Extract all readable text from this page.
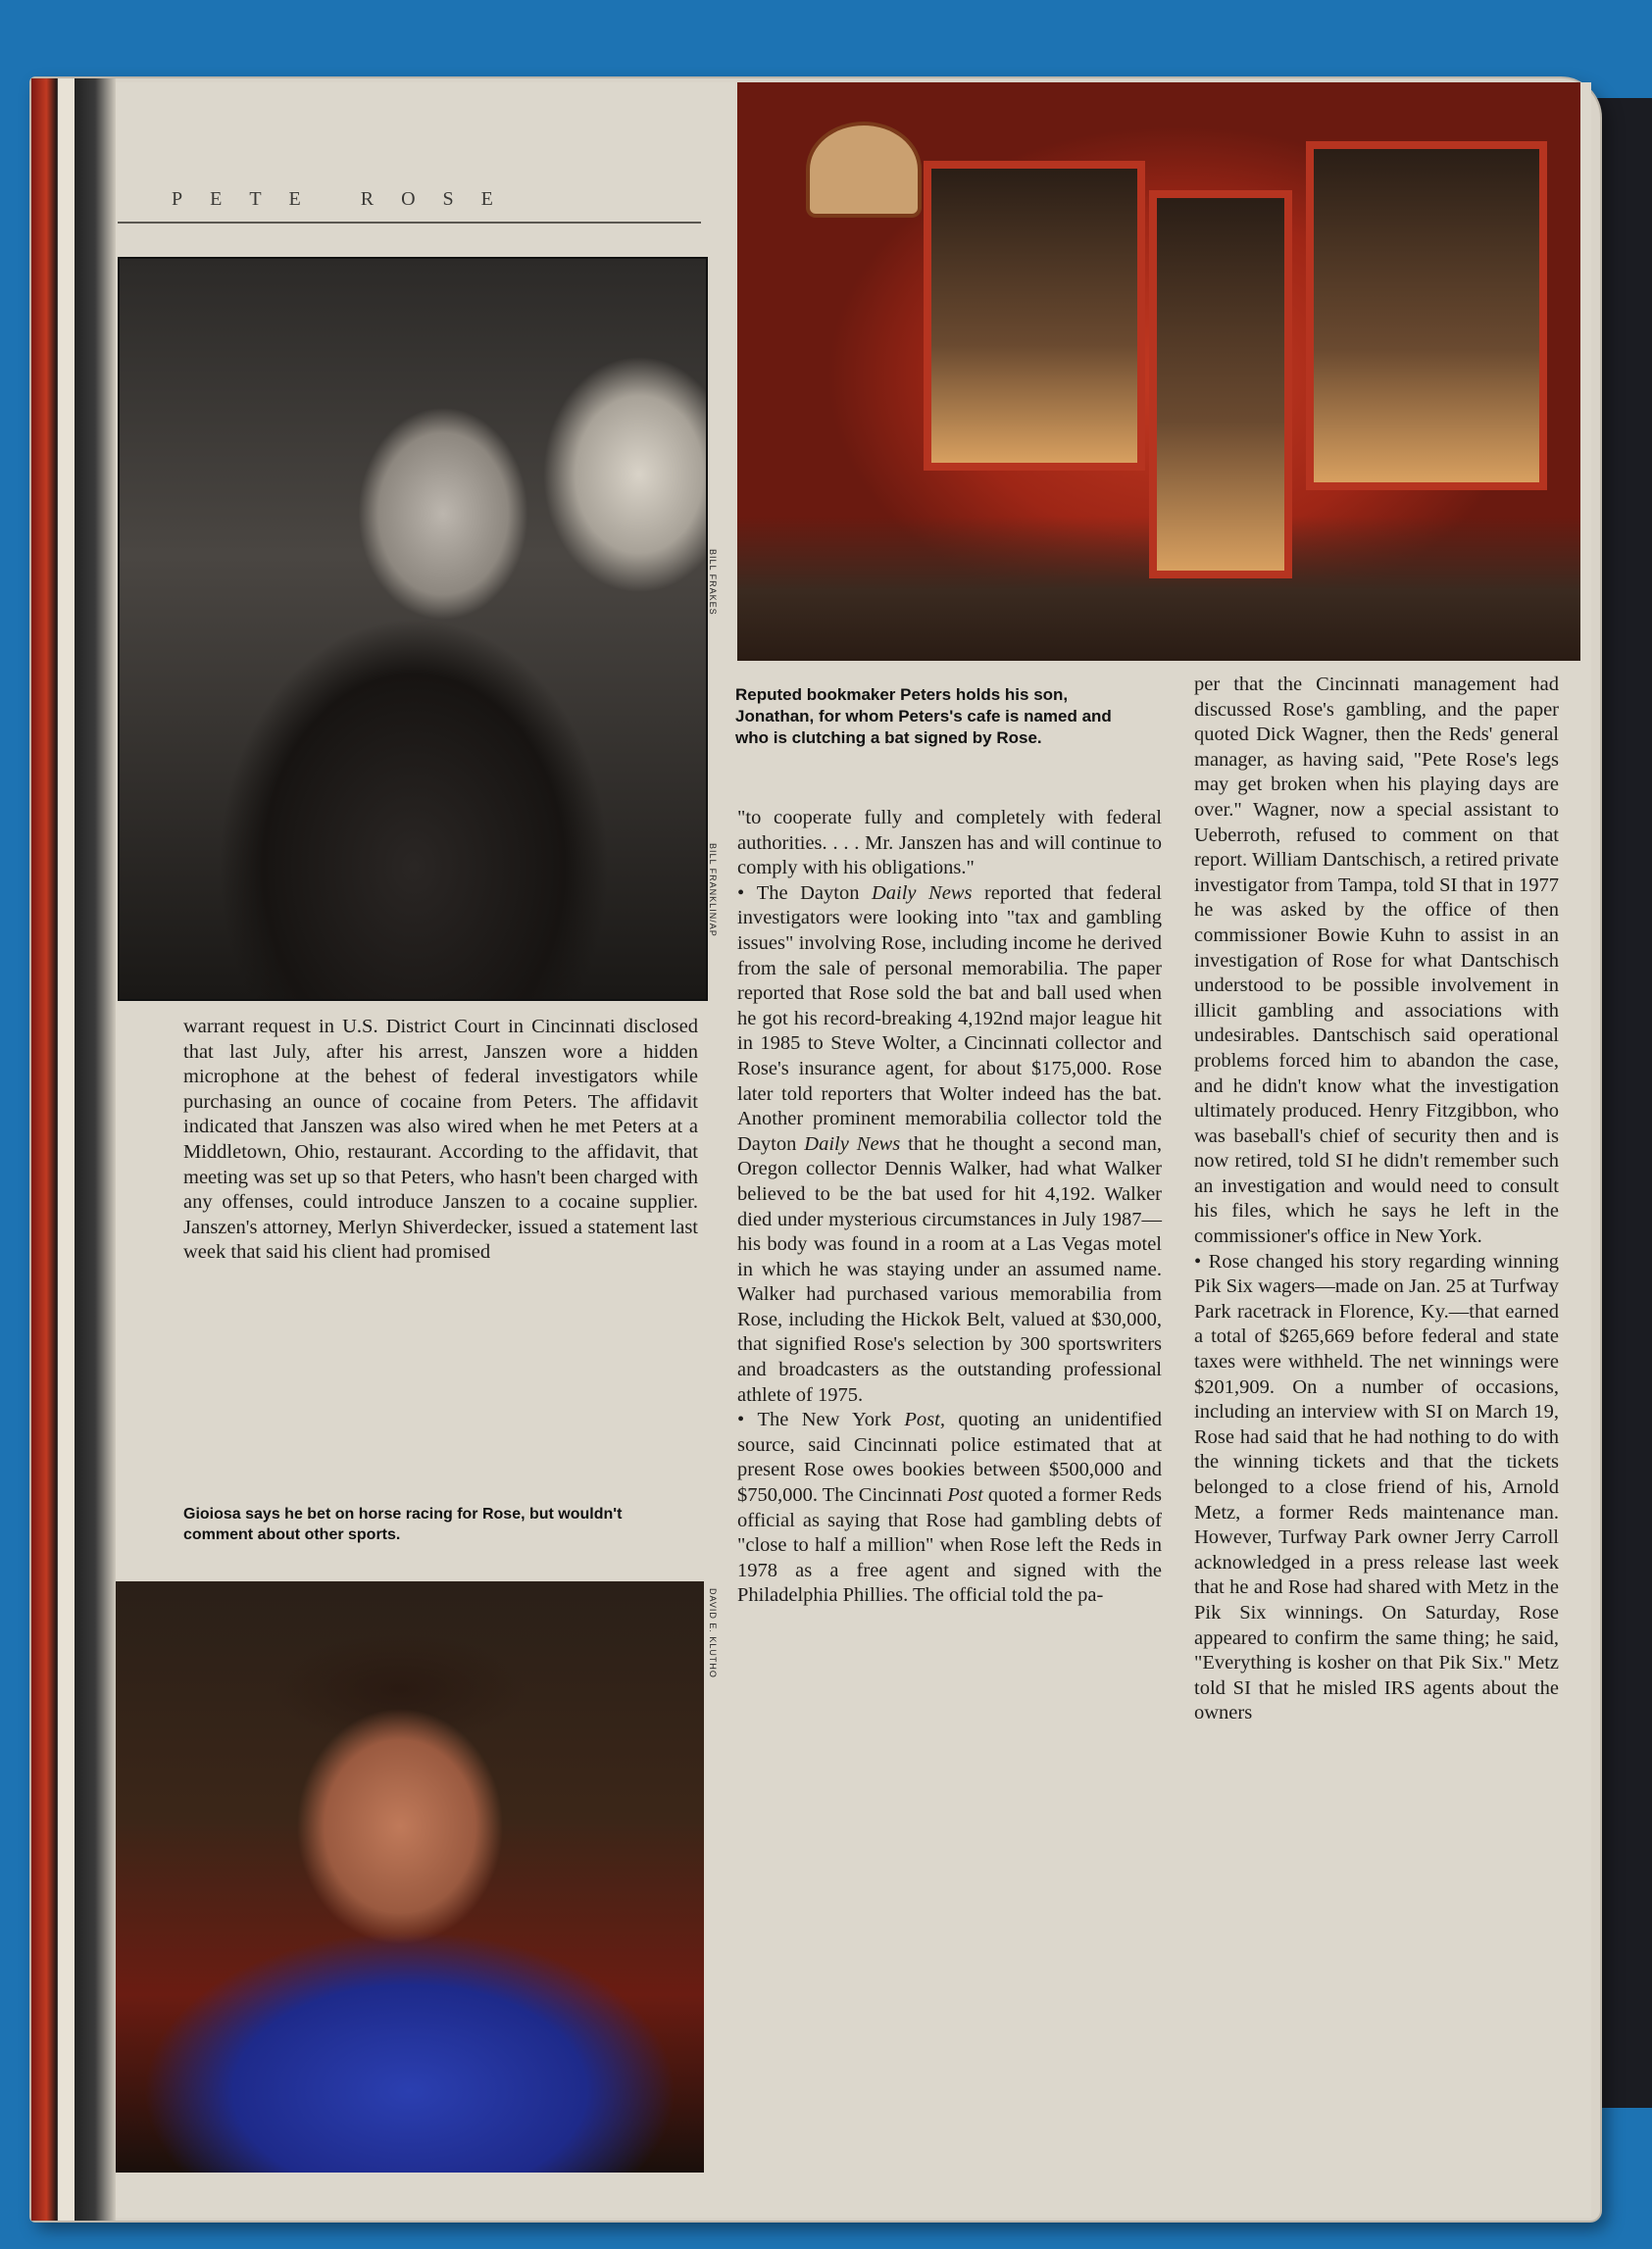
PETE ROSE
BILL FRAKES
BILL FRANKLIN/AP
Reputed bookmaker Peters holds his son, Jonathan, for whom Peters's cafe is named and who is clutching a bat signed by Rose.

warrant request in U.S. District Court in Cincinnati disclosed that last July, after his arrest, Janszen wore a hidden microphone at the behest of federal investigators while purchasing an ounce of cocaine from Peters. The affidavit indicated that Janszen was also wired when he met Peters at a Middletown, Ohio, restaurant. According to the affidavit, that meeting was set up so that Peters, who hasn't been charged with any offenses, could introduce Janszen to a cocaine supplier. Janszen's attorney, Merlyn Shiverdecker, issued a statement last week that said his client had promised

Gioiosa says he bet on horse racing for Rose, but wouldn't comment about other sports.
DAVID E. KLUTHO

"to cooperate fully and completely with federal authorities. . . . Mr. Janszen has and will continue to comply with his obligations."

• The Dayton Daily News reported that federal investigators were looking into "tax and gambling issues" involving Rose, including income he derived from the sale of personal memorabilia. The paper reported that Rose sold the bat and ball used when he got his record-breaking 4,192nd major league hit in 1985 to Steve Wolter, a Cincinnati collector and Rose's insurance agent, for about $175,000. Rose later told reporters that Wolter indeed has the bat. Another prominent memorabilia collector told the Dayton Daily News that he thought a second man, Oregon collector Dennis Walker, had what Walker believed to be the bat used for hit 4,192. Walker died under mysterious circumstances in July 1987—his body was found in a room at a Las Vegas motel in which he was staying under an assumed name. Walker had purchased various memorabilia from Rose, including the Hickok Belt, valued at $30,000, that signified Rose's selection by 300 sportswriters and broadcasters as the outstanding professional athlete of 1975.

• The New York Post, quoting an unidentified source, said Cincinnati police estimated that at present Rose owes bookies between $500,000 and $750,000. The Cincinnati Post quoted a former Reds official as saying that Rose had gambling debts of "close to half a million" when Rose left the Reds in 1978 as a free agent and signed with the Philadelphia Phillies. The official told the pa-

per that the Cincinnati management had discussed Rose's gambling, and the paper quoted Dick Wagner, then the Reds' general manager, as having said, "Pete Rose's legs may get broken when his playing days are over." Wagner, now a special assistant to Ueberroth, refused to comment on that report. William Dantschisch, a retired private investigator from Tampa, told SI that in 1977 he was asked by the office of then commissioner Bowie Kuhn to assist in an investigation of Rose for what Dantschisch understood to be possible involvement in illicit gambling and associations with undesirables. Dantschisch said operational problems forced him to abandon the case, and he didn't know what the investigation ultimately produced. Henry Fitzgibbon, who was baseball's chief of security then and is now retired, told SI he didn't remember such an investigation and would need to consult his files, which he says he left in the commissioner's office in New York.

• Rose changed his story regarding winning Pik Six wagers—made on Jan. 25 at Turfway Park racetrack in Florence, Ky.—that earned a total of $265,669 before federal and state taxes were withheld. The net winnings were $201,909. On a number of occasions, including an interview with SI on March 19, Rose had said that he had nothing to do with the winning tickets and that the tickets belonged to a close friend of his, Arnold Metz, a former Reds maintenance man. However, Turfway Park owner Jerry Carroll acknowledged in a press release last week that he and Rose had shared with Metz in the Pik Six winnings. On Saturday, Rose appeared to confirm the same thing; he said, "Everything is kosher on that Pik Six." Metz told SI that he misled IRS agents about the owners
